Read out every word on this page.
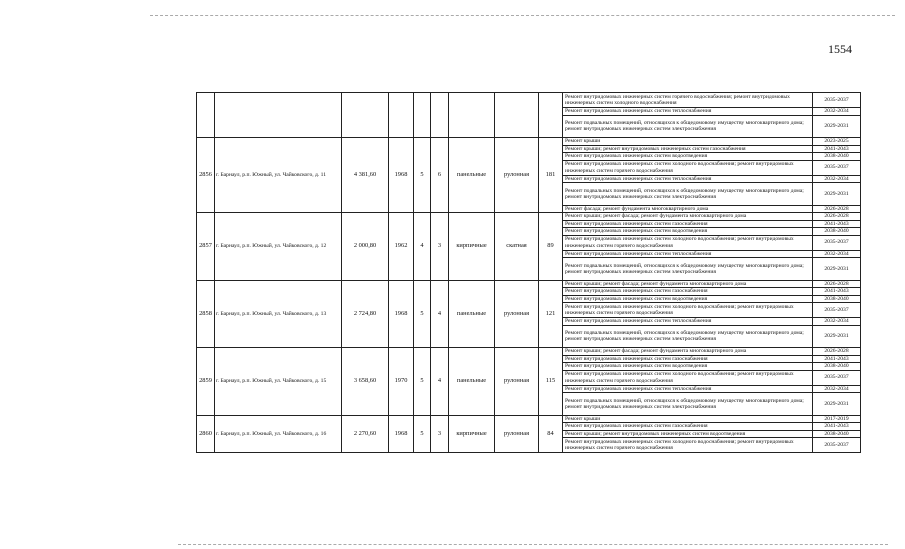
1554
									Ремонт внутридомовых инженерных систем горячего водоснабжения; ремонт внутридомовых инженерных систем холодного водоснабжения	2035-2037
									Ремонт внутридомовых инженерных систем теплоснабжения	2032-2034
									Ремонт подвальных помещений, относящихся к общедомовому имуществу многоквартирного дома; ремонт внутридомовых инженерных систем электроснабжения	2029-2031
2856	г. Барнаул, р.п. Южный, ул. Чайковского, д. 11	4 381,60	1968	5	6	панельные	рулонная	181	Ремонт крыши	2023-2025
									Ремонт крыши; ремонт внутридомовых инженерных систем газоснабжения	2041-2043
									Ремонт внутридомовых инженерных систем водоотведения	2038-2040
									Ремонт внутридомовых инженерных систем холодного водоснабжения; ремонт внутридомовых инженерных систем горячего водоснабжения	2035-2037
									Ремонт внутридомовых инженерных систем теплоснабжения	2032-2034
									Ремонт подвальных помещений, относящихся к общедомовому имуществу многоквартирного дома; ремонт внутридомовых инженерных систем электроснабжения	2029-2031
									Ремонт фасада; ремонт фундамента многоквартирного дома	2026-2028
2857	г. Барнаул, р.п. Южный, ул. Чайковского, д. 12	2 000,80	1962	4	3	кирпичные	скатная	89	Ремонт крыши; ремонт фасада; ремонт фундамента многоквартирного дома	2026-2028
									Ремонт внутридомовых инженерных систем газоснабжения	2041-2043
									Ремонт внутридомовых инженерных систем водоотведения	2038-2040
									Ремонт внутридомовых инженерных систем холодного водоснабжения; ремонт внутридомовых инженерных систем горячего водоснабжения	2035-2037
									Ремонт внутридомовых инженерных систем теплоснабжения	2032-2034
									Ремонт подвальных помещений, относящихся к общедомовому имуществу многоквартирного дома; ремонт внутридомовых инженерных систем электроснабжения	2029-2031
2858	г. Барнаул, р.п. Южный, ул. Чайковского, д. 13	2 724,80	1968	5	4	панельные	рулонная	121	Ремонт крыши; ремонт фасада; ремонт фундамента многоквартирного дома	2026-2028
									Ремонт внутридомовых инженерных систем газоснабжения	2041-2043
									Ремонт внутридомовых инженерных систем водоотведения	2038-2040
									Ремонт внутридомовых инженерных систем холодного водоснабжения; ремонт внутридомовых инженерных систем горячего водоснабжения	2035-2037
									Ремонт внутридомовых инженерных систем теплоснабжения	2032-2034
									Ремонт подвальных помещений, относящихся к общедомовому имуществу многоквартирного дома; ремонт внутридомовых инженерных систем электроснабжения	2029-2031
2859	г. Барнаул, р.п. Южный, ул. Чайковского, д. 15	3 658,60	1970	5	4	панельные	рулонная	115	Ремонт крыши; ремонт фасада; ремонт фундамента многоквартирного дома	2026-2028
									Ремонт внутридомовых инженерных систем газоснабжения	2041-2043
									Ремонт внутридомовых инженерных систем водоотведения	2038-2040
									Ремонт внутридомовых инженерных систем холодного водоснабжения; ремонт внутридомовых инженерных систем горячего водоснабжения	2035-2037
									Ремонт внутридомовых инженерных систем теплоснабжения	2032-2034
									Ремонт подвальных помещений, относящихся к общедомовому имуществу многоквартирного дома; ремонт внутридомовых инженерных систем электроснабжения	2029-2031
2860	г. Барнаул, р.п. Южный, ул. Чайковского, д. 16	2 270,60	1968	5	3	кирпичные	рулонная	84	Ремонт крыши	2017-2019
									Ремонт внутридомовых инженерных систем газоснабжения	2041-2043
									Ремонт крыши; ремонт внутридомовых инженерных систем водоотведения	2038-2040
									Ремонт внутридомовых инженерных систем холодного водоснабжения; ремонт внутридомовых инженерных систем горячего водоснабжения	2035-2037
